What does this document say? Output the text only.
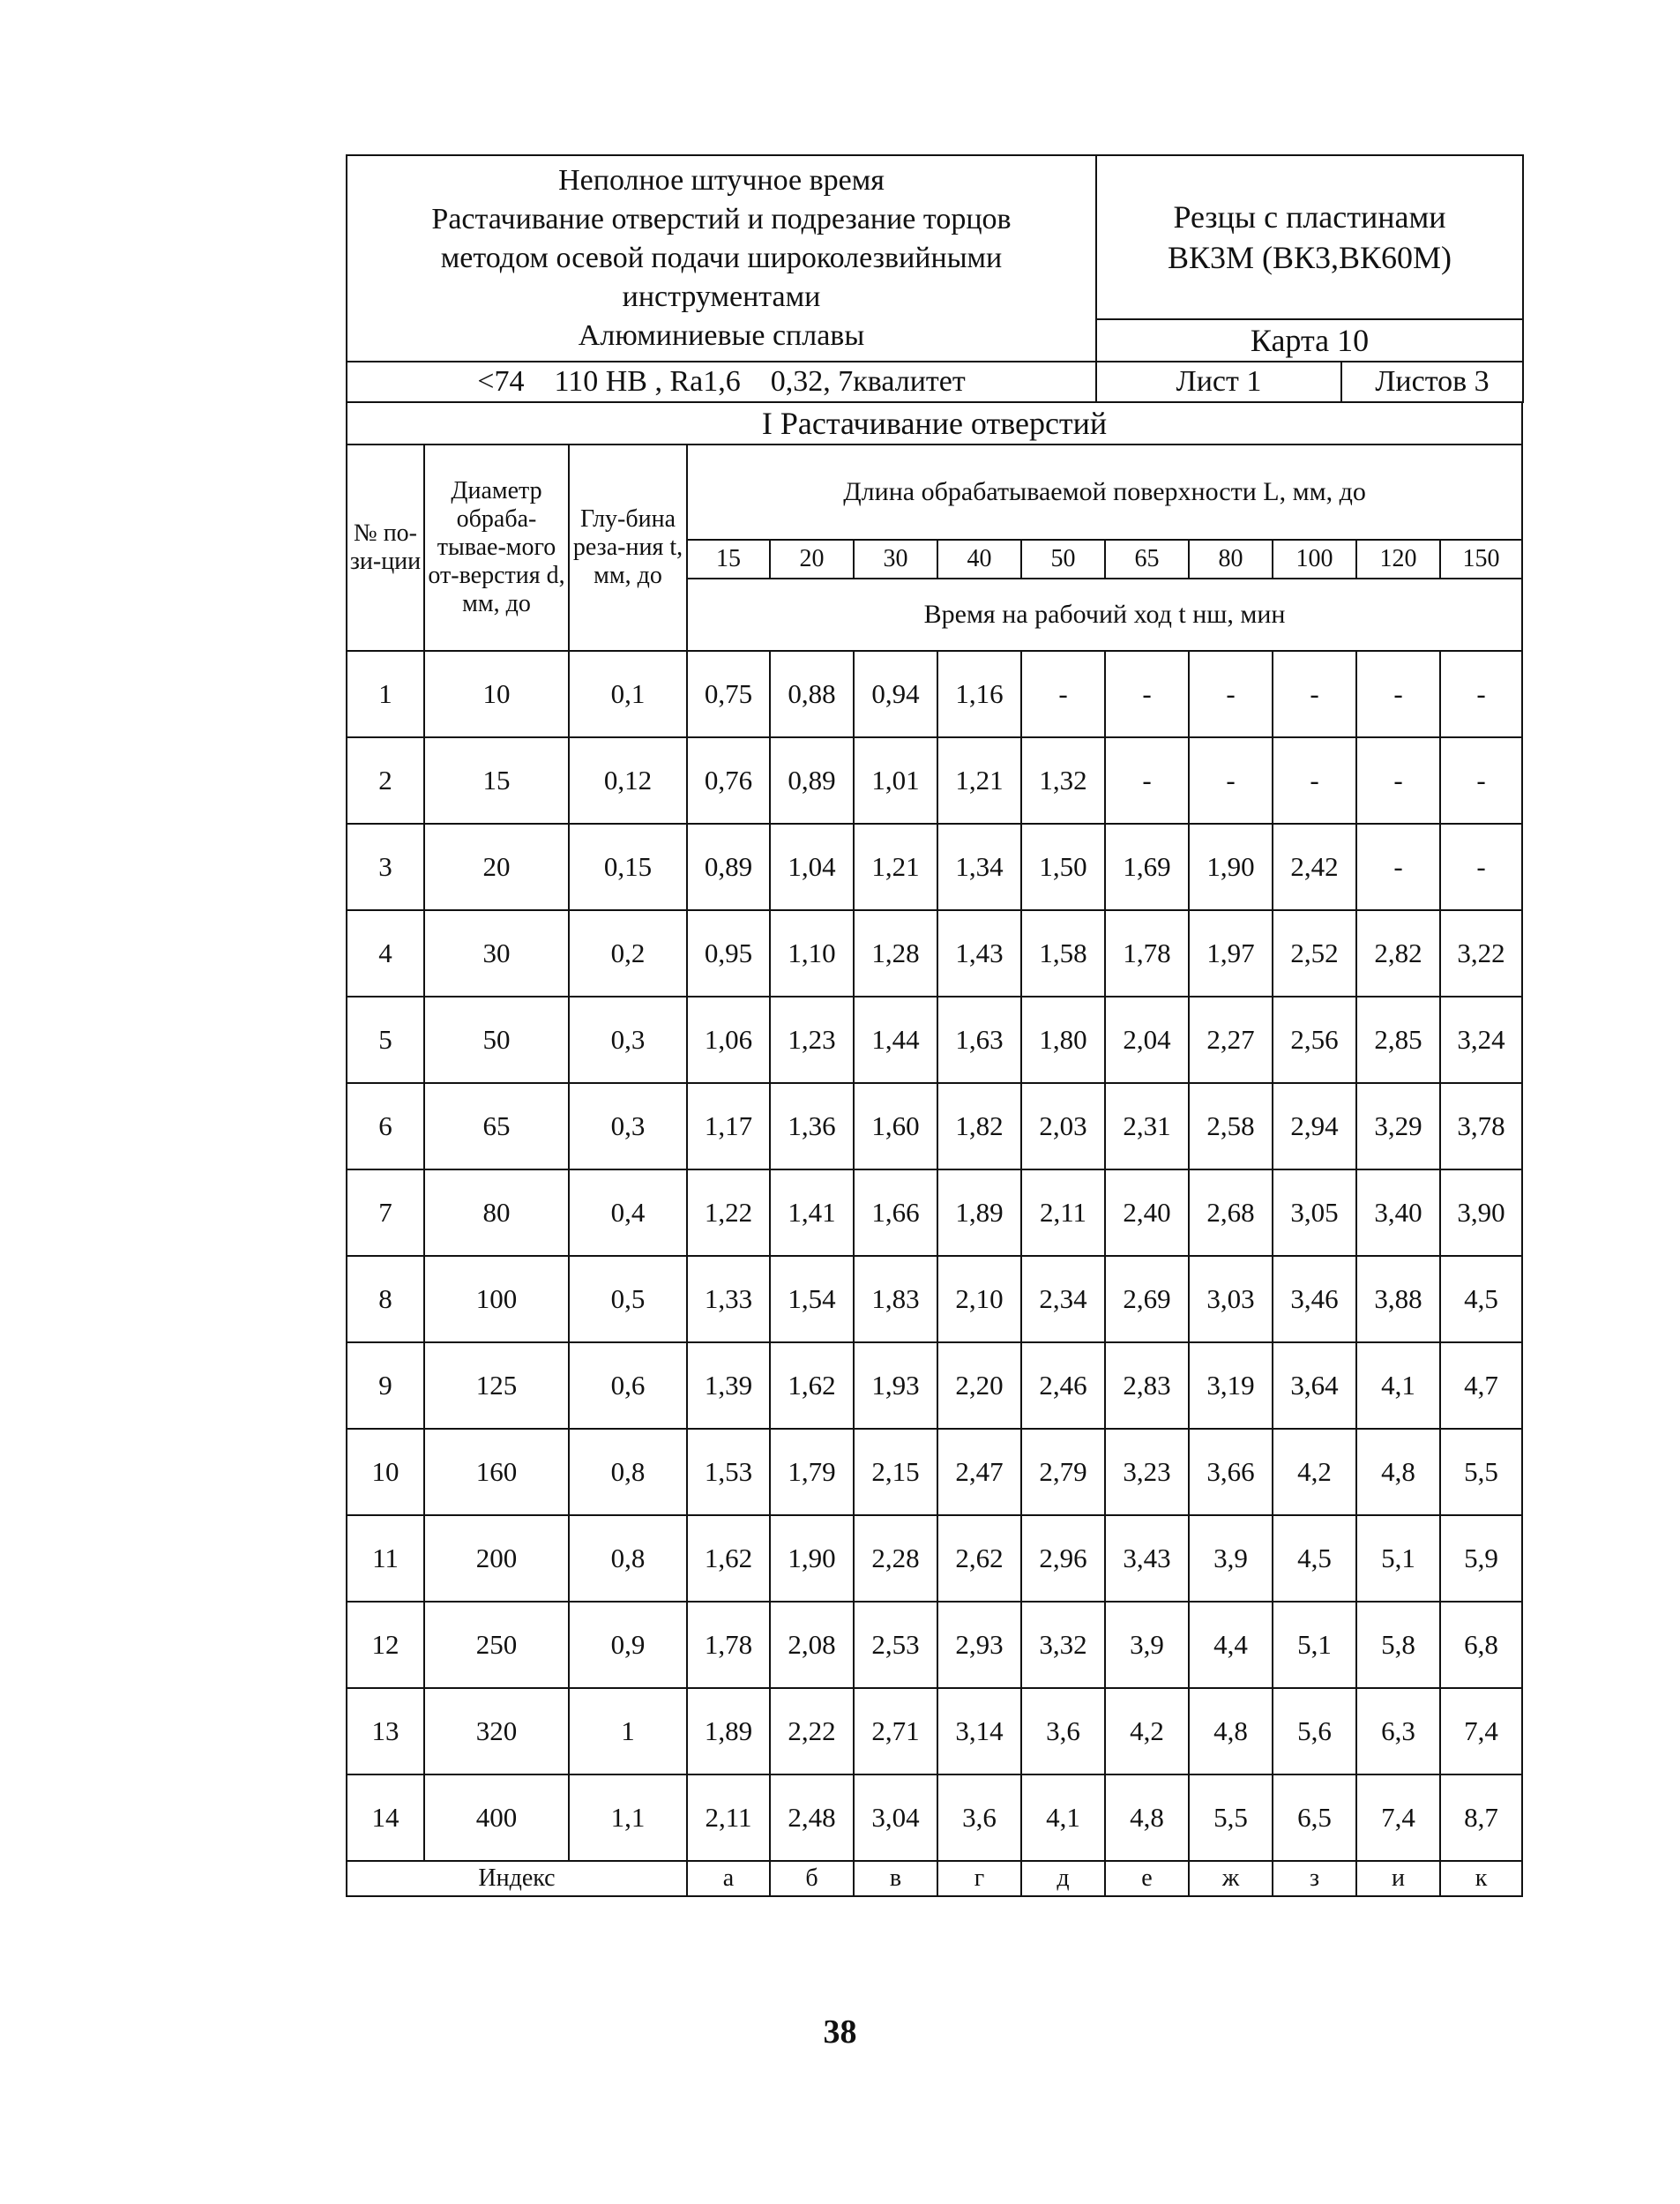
Неполное штучное время
Растачивание отверстий и подрезание торцов
методом осевой подачи широколезвийными
инструментами
Алюминиевые сплавы	Резцы с пластинами
ВК3М (ВК3,ВК60М)	

	Карта 10	
<74    110 НВ , Ra1,6    0,32, 7квалитет	Лист 1	Листов 3
I Растачивание отверстий												
№ по-зи-ции	Диаметр обраба-тывае-мого от-верстия d, мм, до	Глу-бина реза-ния t, мм, до	Длина обрабатываемой поверхности L, мм, до									
			15	20	30	40	50	65	80	100	120	150
			Время на рабочий ход t нш, мин									
1	10	0,1	0,75	0,88	0,94	1,16	-	-	-	-	-	-
2	15	0,12	0,76	0,89	1,01	1,21	1,32	-	-	-	-	-
3	20	0,15	0,89	1,04	1,21	1,34	1,50	1,69	1,90	2,42	-	-
4	30	0,2	0,95	1,10	1,28	1,43	1,58	1,78	1,97	2,52	2,82	3,22
5	50	0,3	1,06	1,23	1,44	1,63	1,80	2,04	2,27	2,56	2,85	3,24
6	65	0,3	1,17	1,36	1,60	1,82	2,03	2,31	2,58	2,94	3,29	3,78
7	80	0,4	1,22	1,41	1,66	1,89	2,11	2,40	2,68	3,05	3,40	3,90
8	100	0,5	1,33	1,54	1,83	2,10	2,34	2,69	3,03	3,46	3,88	4,5
9	125	0,6	1,39	1,62	1,93	2,20	2,46	2,83	3,19	3,64	4,1	4,7
10	160	0,8	1,53	1,79	2,15	2,47	2,79	3,23	3,66	4,2	4,8	5,5
11	200	0,8	1,62	1,90	2,28	2,62	2,96	3,43	3,9	4,5	5,1	5,9
12	250	0,9	1,78	2,08	2,53	2,93	3,32	3,9	4,4	5,1	5,8	6,8
13	320	1	1,89	2,22	2,71	3,14	3,6	4,2	4,8	5,6	6,3	7,4
14	400	1,1	2,11	2,48	3,04	3,6	4,1	4,8	5,5	6,5	7,4	8,7
Индекс			а	б	в	г	д	е	ж	з	и	к
38
